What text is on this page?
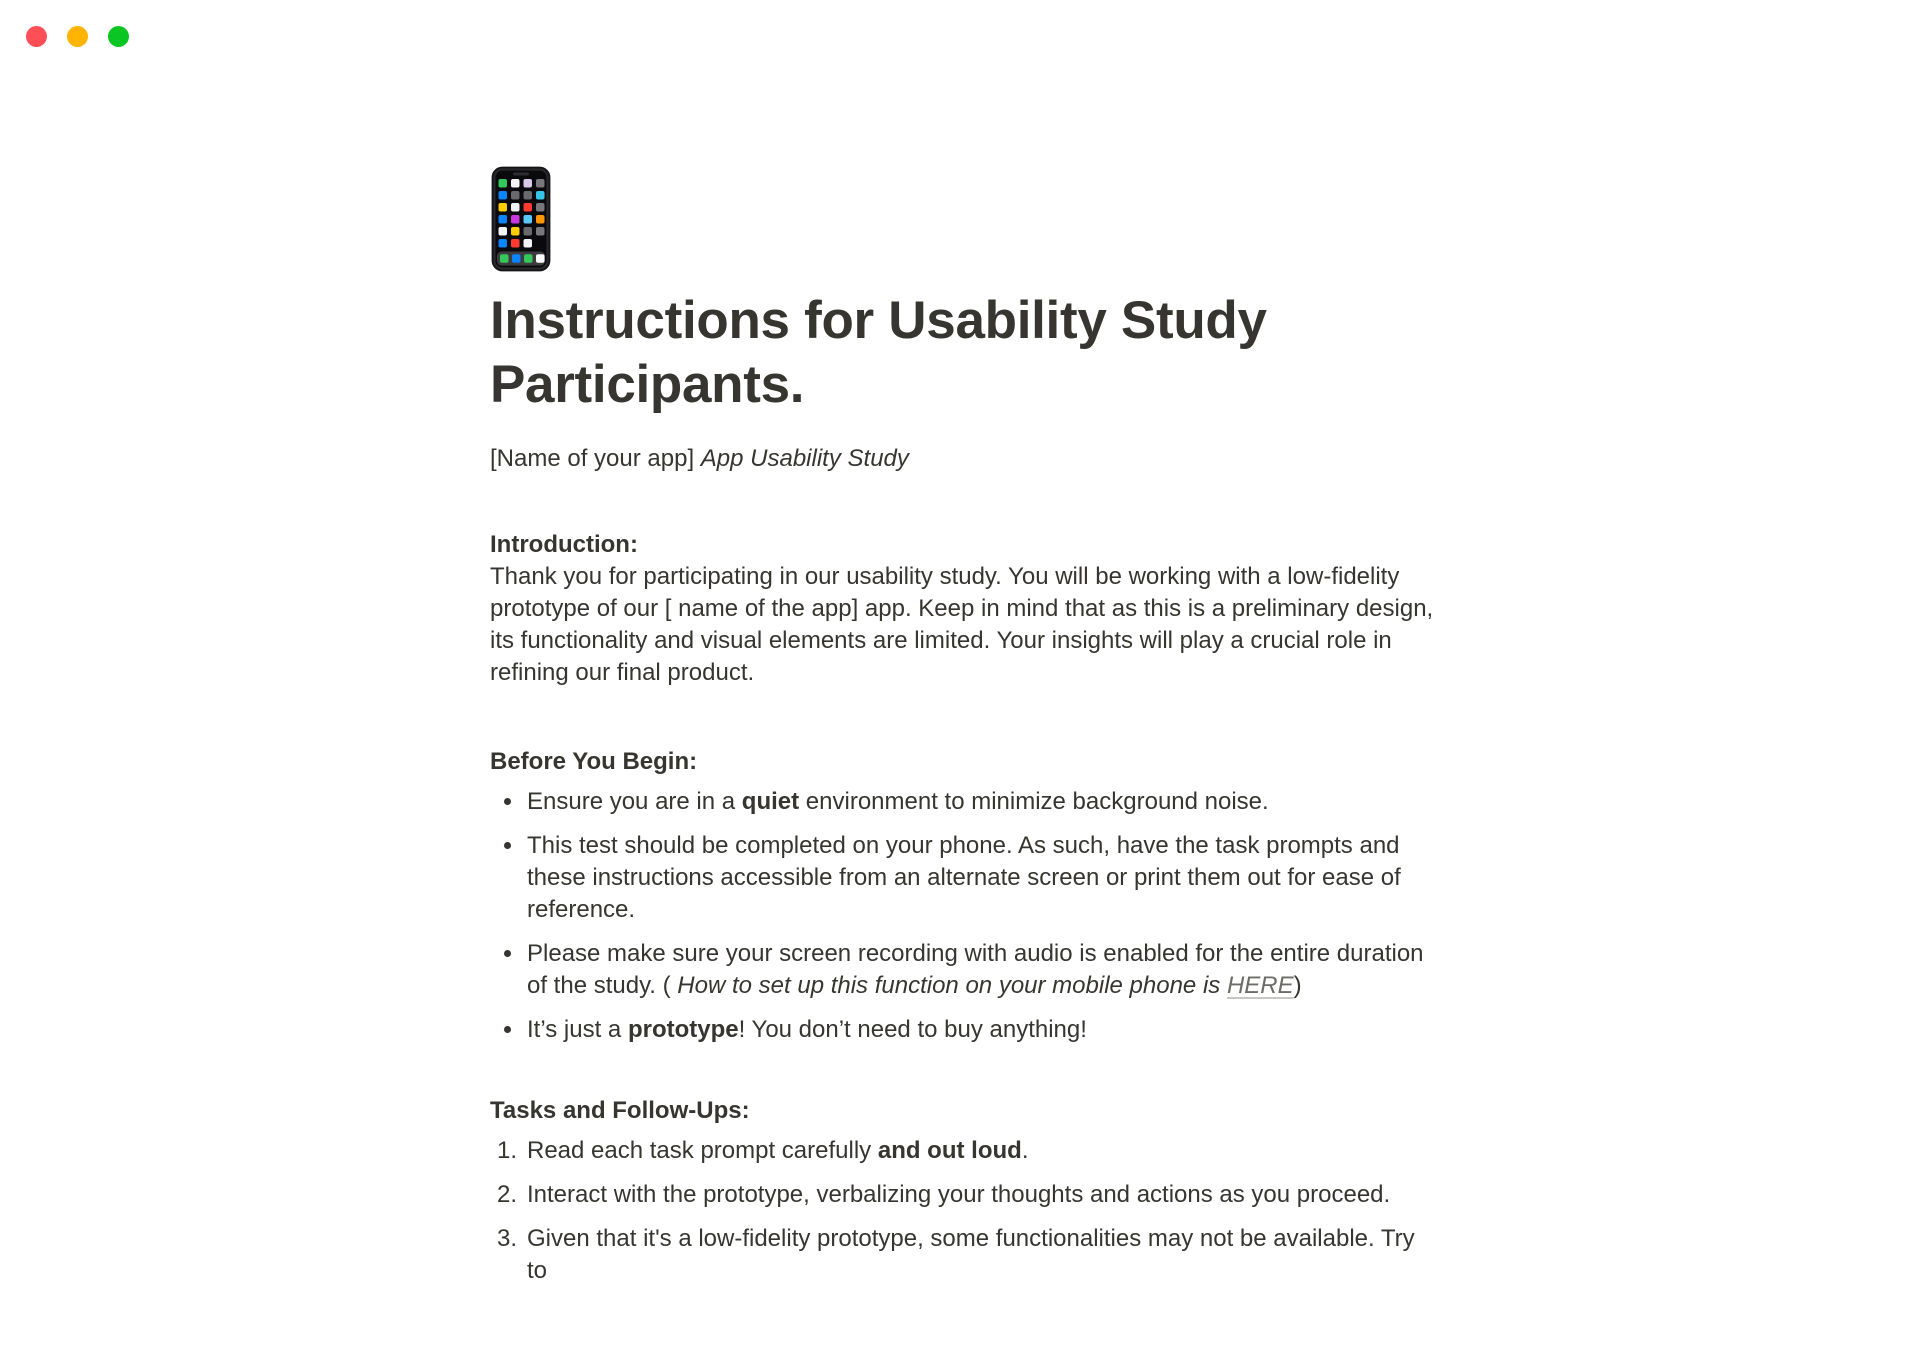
Instructions for Usability Study Participants.
[Name of your app] App Usability Study
Introduction:

Thank you for participating in our usability study. You will be working with a low-fidelity prototype of our [ name of the app] app. Keep in mind that as this is a preliminary design, its functionality and visual elements are limited. Your insights will play a crucial role in refining our final product.

Before You Begin:
Ensure you are in a quiet environment to minimize background noise.
This test should be completed on your phone. As such, have the task prompts and these instructions accessible from an alternate screen or print them out for ease of reference.
Please make sure your screen recording with audio is enabled for the entire duration of the study. ( How to set up this function on your mobile phone is HERE)
It’s just a prototype! You don’t need to buy anything!
Tasks and Follow-Ups:
Read each task prompt carefully and out loud.
Interact with the prototype, verbalizing your thoughts and actions as you proceed.
Given that it's a low-fidelity prototype, some functionalities may not be available. Try to
